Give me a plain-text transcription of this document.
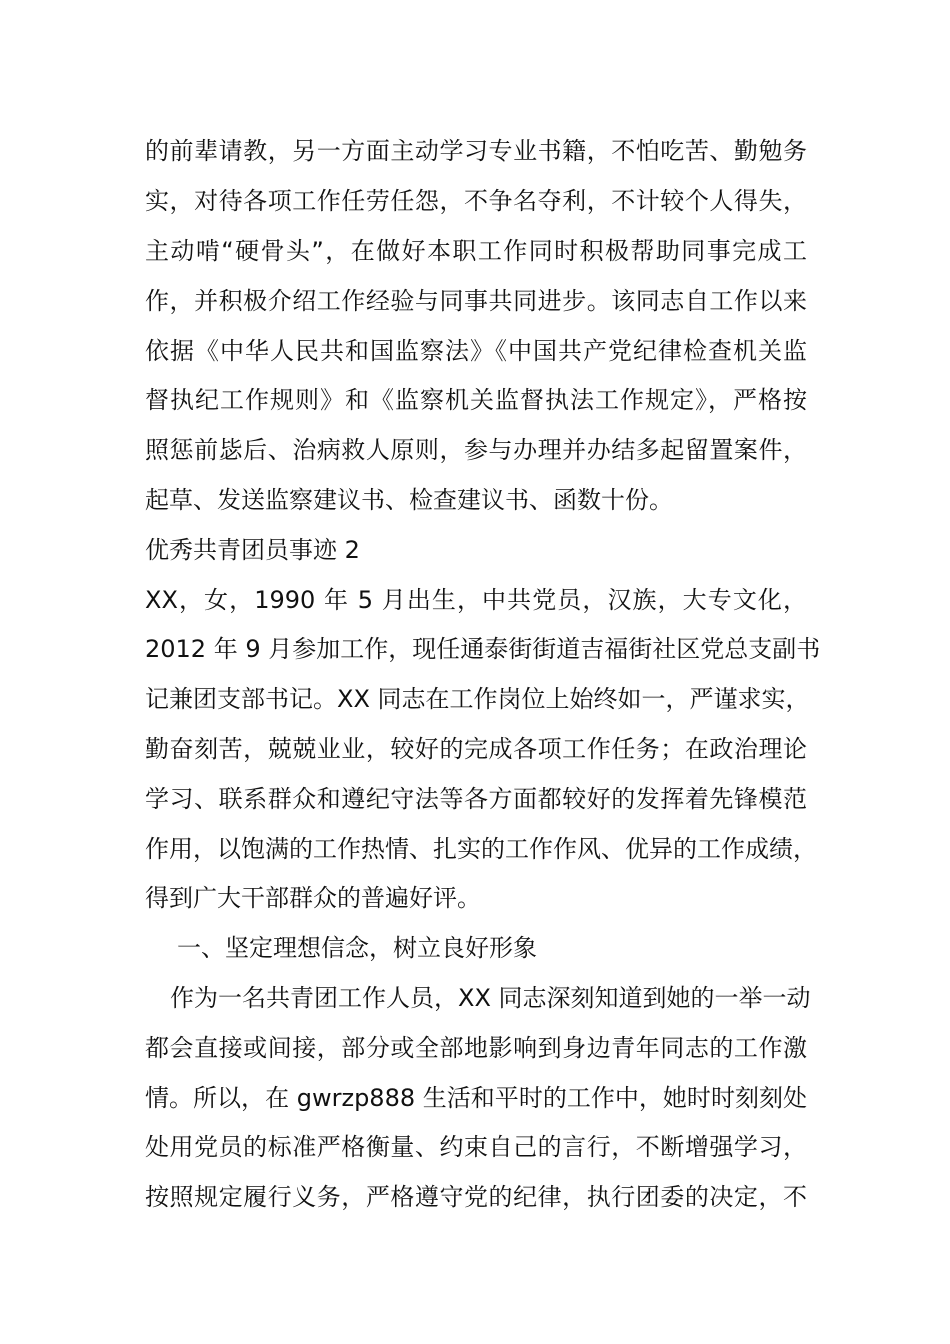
的前辈请教，另一方面主动学习专业书籍，不怕吃苦、勤勉务
实，对待各项工作任劳任怨，不争名夺利，不计较个人得失，
主动啃“硬骨头”，在做好本职工作同时积极帮助同事完成工
作，并积极介绍工作经验与同事共同进步。该同志自工作以来
依据《中华人民共和国监察法》《中国共产党纪律检查机关监
督执纪工作规则》和《监察机关监督执法工作规定》，严格按
照惩前毖后、治病救人原则，参与办理并办结多起留置案件，
起草、发送监察建议书、检查建议书、函数十份。
优秀共青团员事迹 2
XX，女，1990 年 5 月出生，中共党员，汉族，大专文化，
2012 年 9 月参加工作，现任通泰街街道吉福街社区党总支副书
记兼团支部书记。XX 同志在工作岗位上始终如一，严谨求实，
勤奋刻苦，兢兢业业，较好的完成各项工作任务；在政治理论
学习、联系群众和遵纪守法等各方面都较好的发挥着先锋模范
作用，以饱满的工作热情、扎实的工作作风、优异的工作成绩，
得到广大干部群众的普遍好评。
一、坚定理想信念，树立良好形象
作为一名共青团工作人员，XX 同志深刻知道到她的一举一动
都会直接或间接，部分或全部地影响到身边青年同志的工作激
情。所以，在 gwrzp888 生活和平时的工作中，她时时刻刻处
处用党员的标准严格衡量、约束自己的言行，不断增强学习，
按照规定履行义务，严格遵守党的纪律，执行团委的决定，不
